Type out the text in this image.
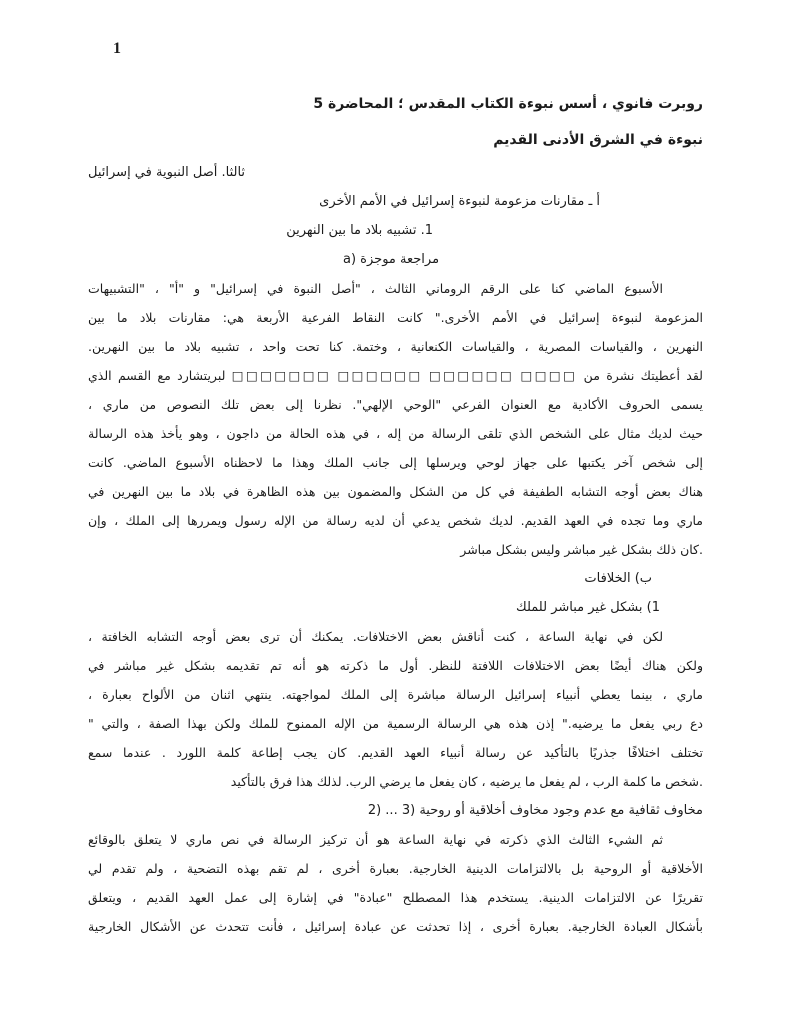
1
روبرت فانوي ، أسس نبوءة الكتاب المقدس ؛ المحاضرة 5
نبوءة في الشرق الأدنى القديم
ثالثا. أصل النبوية في إسرائيل
أ ـ مقارنات مزعومة لنبوءة إسرائيل في الأمم الأخرى
1. تشبيه بلاد ما بين النهرين
a) مراجعة موجزة
الأسبوع الماضي كنا على الرقم الروماني الثالث ، "أصل النبوة في إسرائيل" و "أ" ، "التشبيهات
المزعومة لنبوءة إسرائيل في الأمم الأخرى." كانت النقاط الفرعية الأربعة هي: مقارنات بلاد ما بين
النهرين ، والقياسات المصرية ، والقياسات الكنعانية ، وختمة. كنا تحت واحد ، تشبيه بلاد ما بين النهرين.
لقد أعطيتك نشرة من □□□□ □□□□□□ □□□□□□ □□□□□□□ لبريتشارد مع القسم الذي
يسمى الحروف الأكادية مع العنوان الفرعي "الوحي الإلهي". نظرنا إلى بعض تلك النصوص من ماري ،
حيث لديك مثال على الشخص الذي تلقى الرسالة من إله ، في هذه الحالة من داجون ، وهو يأخذ هذه الرسالة
إلى شخص آخر يكتبها على جهاز لوحي ويرسلها إلى جانب الملك وهذا ما لاحظناه الأسبوع الماضي. كانت
هناك بعض أوجه التشابه الطفيفة في كل من الشكل والمضمون بين هذه الظاهرة في بلاد ما بين النهرين في
ماري وما تجده في العهد القديم. لديك شخص يدعي أن لديه رسالة من الإله رسول ويمررها إلى الملك ، وإن
.كان ذلك بشكل غير مباشر وليس بشكل مباشر
ب) الخلافات
1) بشكل غير مباشر للملك
لكن في نهاية الساعة ، كنت أناقش بعض الاختلافات. يمكنك أن ترى بعض أوجه التشابه الخافتة ،
ولكن هناك أيضًا بعض الاختلافات اللافتة للنظر. أول ما ذكرته هو أنه تم تقديمه بشكل غير مباشر في
ماري ، بينما يعطي أنبياء إسرائيل الرسالة مباشرة إلى الملك لمواجهته. ينتهي اثنان من الألواح بعبارة ،
دع ربي يفعل ما يرضيه." إذن هذه هي الرسالة الرسمية من الإله الممنوح للملك ولكن بهذا الصفة ، والتي "
تختلف اختلافًا جذريًا بالتأكيد عن رسالة أنبياء العهد القديم. كان يجب إطاعة كلمة اللورد . عندما سمع
.شخص ما كلمة الرب ، لم يفعل ما يرضيه ، كان يفعل ما يرضي الرب. لذلك هذا فرق بالتأكيد
مخاوف ثقافية مع عدم وجود مخاوف أخلاقية أو روحية (3 ... (2
ثم الشيء الثالث الذي ذكرته في نهاية الساعة هو أن تركيز الرسالة في نص ماري لا يتعلق بالوقائع
الأخلاقية أو الروحية بل بالالتزامات الدينية الخارجية. بعبارة أخرى ، لم تقم بهذه التضحية ، ولم تقدم لي
تقريرًا عن الالتزامات الدينية. يستخدم هذا المصطلح "عبادة" في إشارة إلى عمل العهد القديم ، ويتعلق
بأشكال العبادة الخارجية. بعبارة أخرى ، إذا تحدثت عن عبادة إسرائيل ، فأنت تتحدث عن الأشكال الخارجية
